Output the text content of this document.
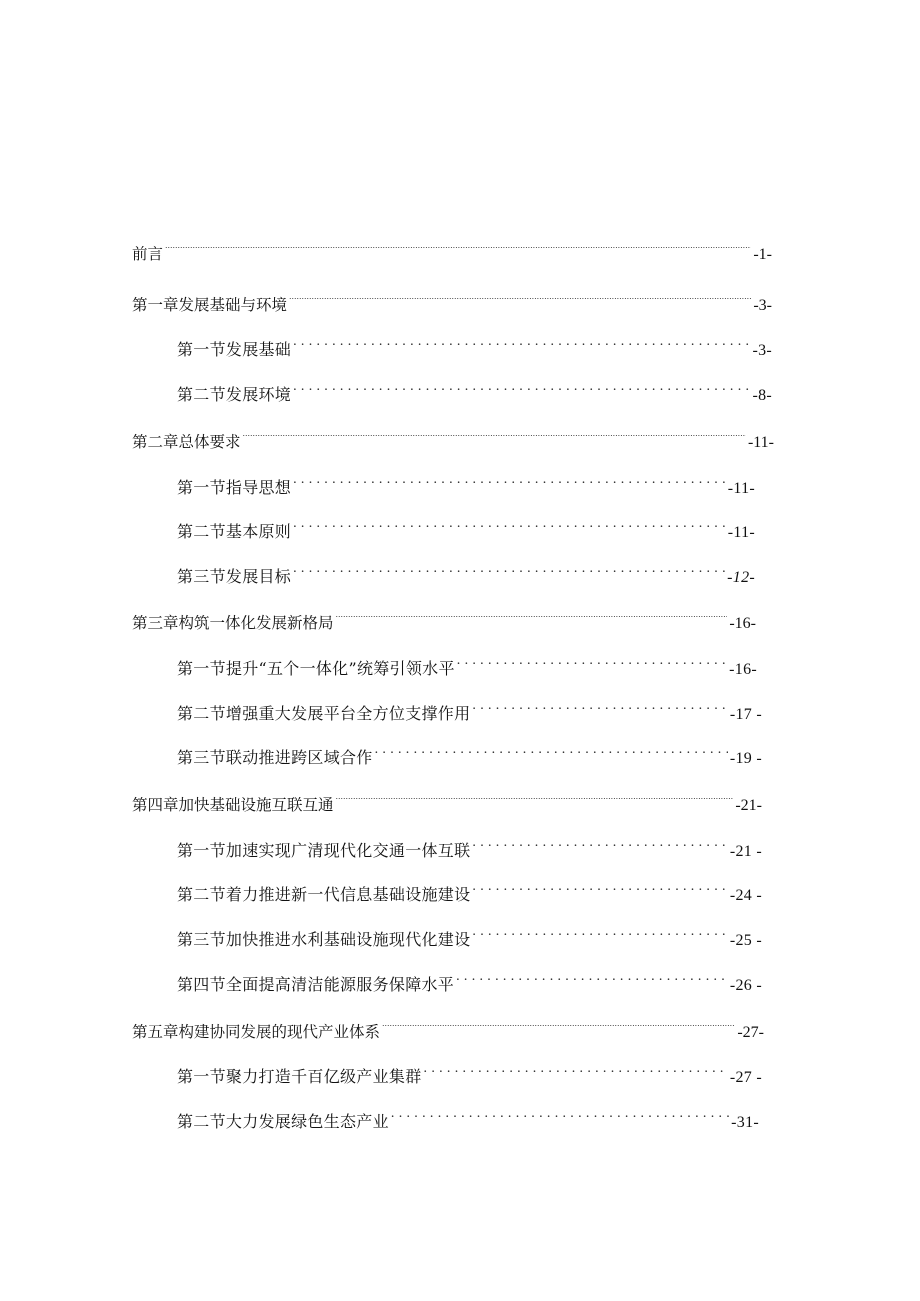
前言 .....	-1-
第一章发展基础与环境 .....	-3-
第一节发展基础 . . .	-3-
第二节发展环境 . . .	-8-
第二章总体要求 .....	-11-
第一节指导思想 . . .	-11-
第二节基本原则 . . .	-11-
第三节发展目标 . . .	-12-
第三章构筑一体化发展新格局 .....	-16-
第一节提升“五个一体化”统筹引领水平 . . .	-16-
第二节增强重大发展平台全方位支撑作用 . . .	-17 -
第三节联动推进跨区域合作 . . .	-19 -
第四章加快基础设施互联互通 .....	-21-
第一节加速实现广清现代化交通一体互联 . . .	-21 -
第二节着力推进新一代信息基础设施建设 . . .	-24 -
第三节加快推进水利基础设施现代化建设 . . .	-25 -
第四节全面提高清洁能源服务保障水平 . . .	-26 -
第五章构建协同发展的现代产业体系 .....	-27-
第一节聚力打造千百亿级产业集群 . . .	-27 -
第二节大力发展绿色生态产业 . . .	-31-
